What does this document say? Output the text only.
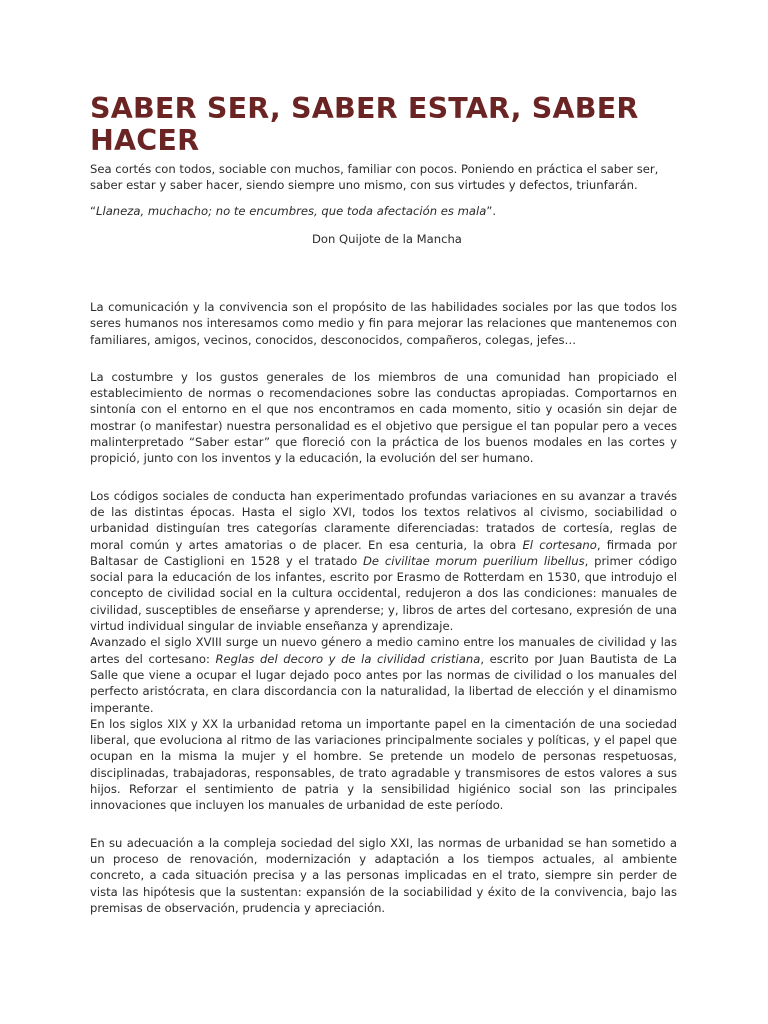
SABER SER, SABER ESTAR, SABER HACER

Sea cortés con todos, sociable con muchos, familiar con pocos. Poniendo en práctica el saber ser, saber estar y saber hacer, siendo siempre uno mismo, con sus virtudes y defectos, triunfarán.

“Llaneza, muchacho; no te encumbres, que toda afectación es mala”.

Don Quijote de la Mancha

La comunicación y la convivencia son el propósito de las habilidades sociales por las que todos los seres humanos nos interesamos como medio y fin para mejorar las relaciones que mantenemos con familiares, amigos, vecinos, conocidos, desconocidos, compañeros, colegas, jefes…

La costumbre y los gustos generales de los miembros de una comunidad han propiciado el establecimiento de normas o recomendaciones sobre las conductas apropiadas. Comportarnos en sintonía con el entorno en el que nos encontramos en cada momento, sitio y ocasión sin dejar de mostrar (o manifestar) nuestra personalidad es el objetivo que persigue el tan popular pero a veces malinterpretado “Saber estar” que floreció con la práctica de los buenos modales en las cortes y propició, junto con los inventos y la educación, la evolución del ser humano.

Los códigos sociales de conducta han experimentado profundas variaciones en su avanzar a través de las distintas épocas. Hasta el siglo XVI, todos los textos relativos al civismo, sociabilidad o urbanidad distinguían tres categorías claramente diferenciadas: tratados de cortesía, reglas de moral común y artes amatorias o de placer. En esa centuria, la obra El cortesano, firmada por Baltasar de Castiglioni en 1528 y el tratado De civilitae morum puerilium libellus, primer código social para la educación de los infantes, escrito por Erasmo de Rotterdam en 1530, que introdujo el concepto de civilidad social en la cultura occidental, redujeron a dos las condiciones: manuales de civilidad, susceptibles de enseñarse y aprenderse; y, libros de artes del cortesano, expresión de una virtud individual singular de inviable enseñanza y aprendizaje.

Avanzado el siglo XVIII surge un nuevo género a medio camino entre los manuales de civilidad y las artes del cortesano: Reglas del decoro y de la civilidad cristiana, escrito por Juan Bautista de La Salle que viene a ocupar el lugar dejado poco antes por las normas de civilidad o los manuales del perfecto aristócrata, en clara discordancia con la naturalidad, la libertad de elección y el dinamismo imperante.

En los siglos XIX y XX la urbanidad retoma un importante papel en la cimentación de una sociedad liberal, que evoluciona al ritmo de las variaciones principalmente sociales y políticas, y el papel que ocupan en la misma la mujer y el hombre. Se pretende un modelo de personas respetuosas, disciplinadas, trabajadoras, responsables, de trato agradable y transmisores de estos valores a sus hijos. Reforzar el sentimiento de patria y la sensibilidad higiénico social son las principales innovaciones que incluyen los manuales de urbanidad de este período.

En su adecuación a la compleja sociedad del siglo XXI, las normas de urbanidad se han sometido a un proceso de renovación, modernización y adaptación a los tiempos actuales, al ambiente concreto, a cada situación precisa y a las personas implicadas en el trato, siempre sin perder de vista las hipótesis que la sustentan: expansión de la sociabilidad y éxito de la convivencia, bajo las premisas de observación, prudencia y apreciación.
